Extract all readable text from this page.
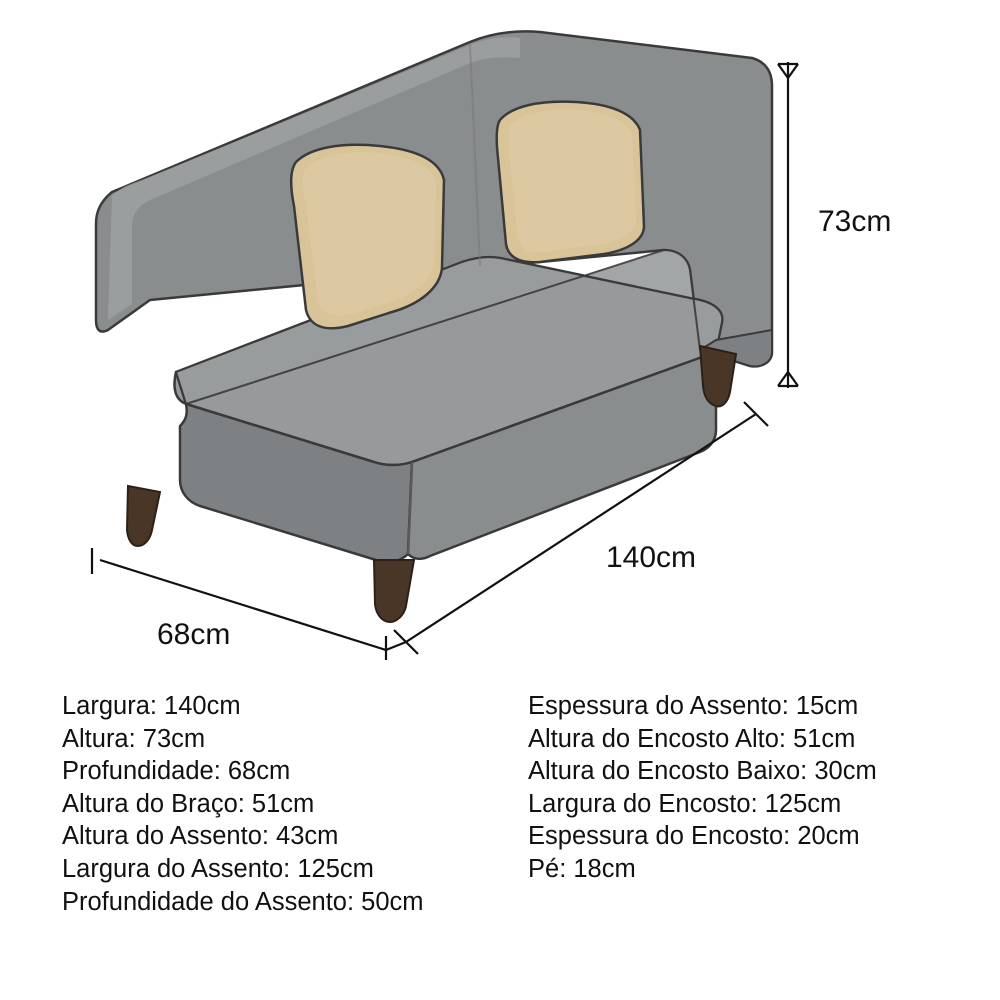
73cm
140cm
68cm
Largura: 140cm
Altura: 73cm
Profundidade: 68cm
Altura do Braço: 51cm
Altura do Assento: 43cm
Largura do Assento: 125cm
Profundidade do Assento: 50cm
Espessura do Assento: 15cm
Altura do Encosto Alto: 51cm
Altura do Encosto Baixo: 30cm
Largura do Encosto: 125cm
Espessura do Encosto: 20cm
Pé: 18cm
